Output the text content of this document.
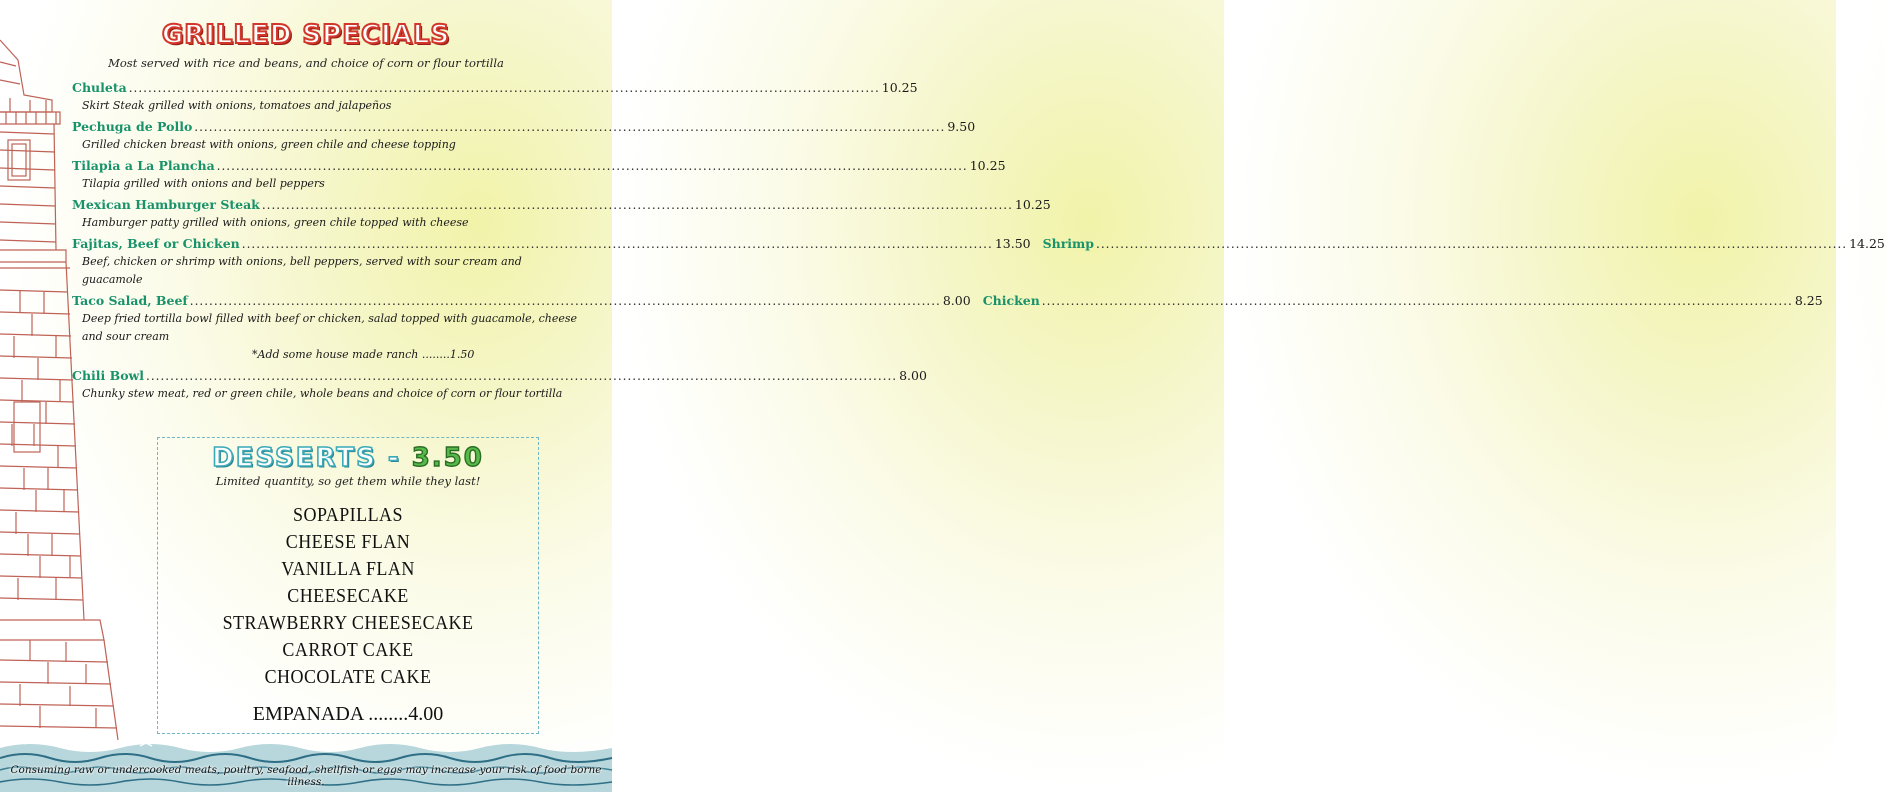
GRILLED SPECIALS
Most served with rice and beans, and choice of corn or flour tortilla
Chuleta .....	10.25
Skirt Steak grilled with onions, tomatoes and jalapeños
Pechuga de Pollo .....	9.50
Grilled chicken breast with onions, green chile and cheese topping
Tilapia a La Plancha .....	10.25
Tilapia grilled with onions and bell peppers
Mexican Hamburger Steak .....	10.25
Hamburger patty grilled with onions, green chile topped with cheese
Fajitas, Beef or Chicken .....	13.50 Shrimp .....	14.25
Beef, chicken or shrimp with onions, bell peppers, served with sour cream and guacamole
Taco Salad, Beef .....	8.00 Chicken .....	8.25
Deep fried tortilla bowl filled with beef or chicken, salad topped with guacamole, cheese and sour cream
*Add some house made ranch ........1.50
Chili Bowl .....	8.00
Chunky stew meat, red or green chile, whole beans and choice of corn or flour tortilla
DESSERTS - 3.50
Limited quantity, so get them while they last!
SOPAPILLAS
CHEESE FLAN
VANILLA FLAN
CHEESECAKE
STRAWBERRY CHEESECAKE
CARROT CAKE
CHOCOLATE CAKE
EMPANADA ........4.00
Consuming raw or undercooked meats, poultry, seafood, shellfish or eggs may increase your risk of food borne illness.
